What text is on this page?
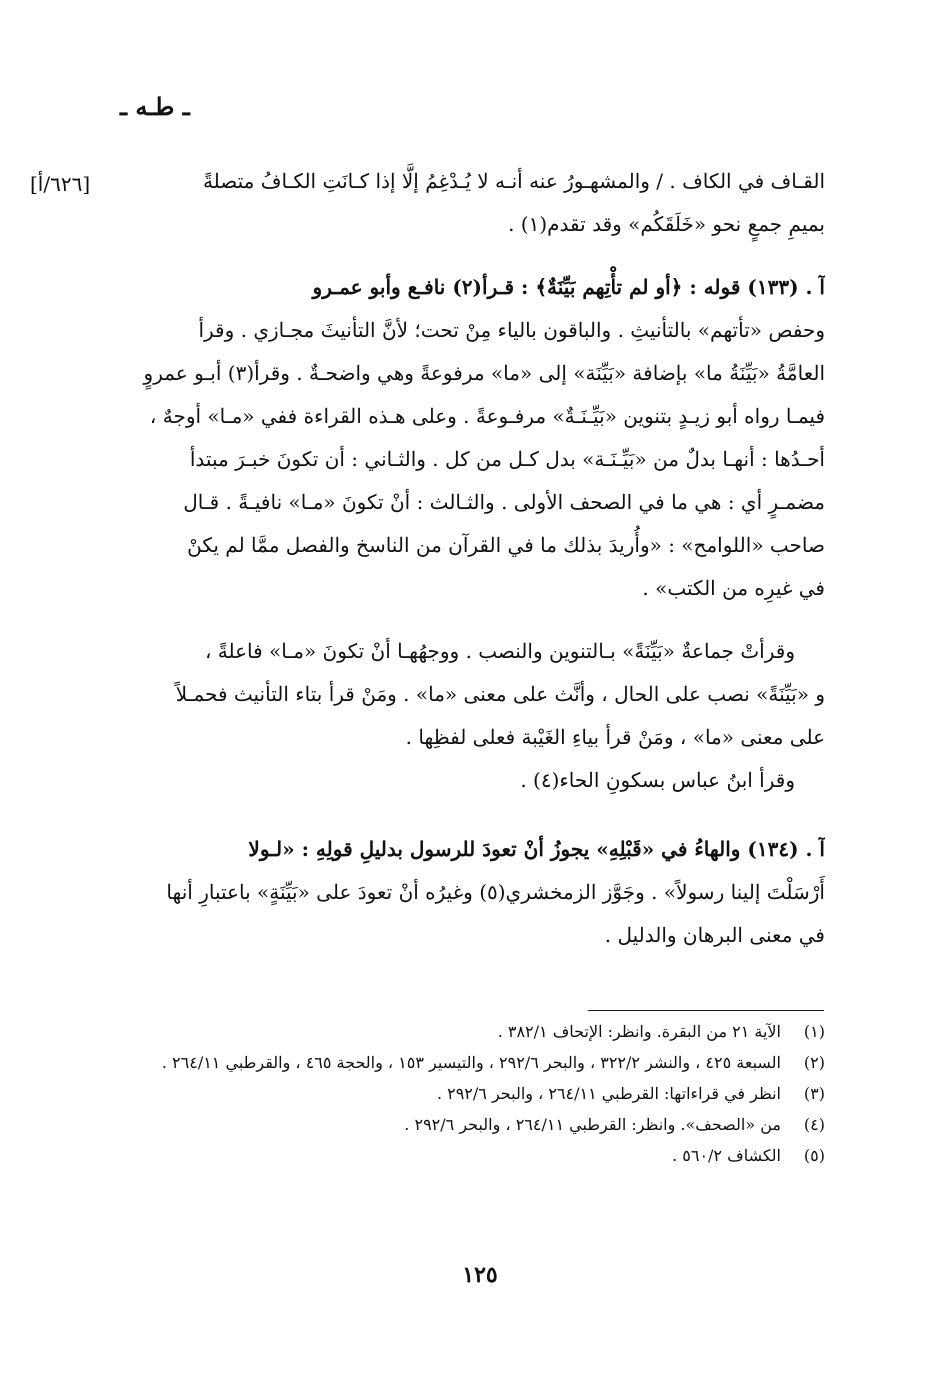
ـ طـه ـ
[٦٢٦/أ]	القـاف في الكاف . / والمشهـورُ عنه أنـه لا يُـدْغِمُ إلَّا إذا كـانَتِ الكـافُ متصلةً
بميمِ جمعٍ نحو «خَلَقَكُم» وقد تقدم(١) .

آ . (١٣٣) قوله : ﴿أو لم تأْتِهم بَيِّنَةٌ﴾ : قـرأ(٢) نافـع وأبو عمـرو
وحفص «تأتهم» بالتأنيثِ . والباقون بالياء مِنْ تحت؛ لأنَّ التأنيثَ مجـازي . وقرأ
العامَّةُ «بَيِّنَةُ ما» بإضافة «بَيِّنَة» إلى «ما» مرفوعةً وهي واضحـةٌ . وقرأ(٣) أبـو عمروٍ
فيمـا رواه أبو زيـدٍ بتنوين «بَيِّـنَـةٌ» مرفـوعةً . وعلى هـذه القراءة ففي «مـا» أوجهٌ ،
أحـدُها : أنهـا بدلٌ من «بَيِّـنَـة» بدل كـل من كل . والثـاني : أن تكونَ خبـرَ مبتدأ
مضمـرٍ أي : هي ما في الصحف الأولى . والثـالث : أنْ تكونَ «مـا» نافيـةً . قـال
صاحب «اللوامح» : «وأُريدَ بذلك ما في القرآن من الناسخ والفصل ممَّا لم يكنْ
في غيرِه من الكتب» .

وقرأتْ جماعةٌ «بَيِّنَةً» بـالتنوين والنصب . ووجهُهـا أنْ تكونَ «مـا» فاعلةً ،
و «بَيِّنَةً» نصب على الحال ، وأنَّث على معنى «ما» . ومَنْ قرأ بتاء التأنيث فحمـلاً
على معنى «ما» ، ومَنْ قرأ بياءِ الغَيْبة فعلى لفظِها .
وقرأ ابنُ عباس بسكونِ الحاء(٤) .

آ . (١٣٤) والهاءُ في «قَبْلِهِ» يجوزُ أنْ تعودَ للرسول بدليلِ قولِهِ : «لـولا
أَرْسَلْتَ إلينا رسولاً» . وجَوَّز الزمخشري(٥) وغيرُه أنْ تعودَ على «بَيِّنَةٍ» باعتبارِ أنها
في معنى البرهان والدليل .

(١)
الآية ٢١ من البقرة. وانظر: الإتحاف ٣٨٢/١ .
(٢)
السبعة ٤٢٥ ، والنشر ٣٢٢/٢ ، والبحر ٢٩٢/٦ ، والتيسير ١٥٣ ، والحجة ٤٦٥ ، والقرطبي ٢٦٤/١١ .
(٣)
انظر في قراءاتها: القرطبي ٢٦٤/١١ ، والبحر ٢٩٢/٦ .
(٤)
من «الصحف». وانظر: القرطبي ٢٦٤/١١ ، والبحر ٢٩٢/٦ .
(٥)
الكشاف ٥٦٠/٢ .
١٢٥
